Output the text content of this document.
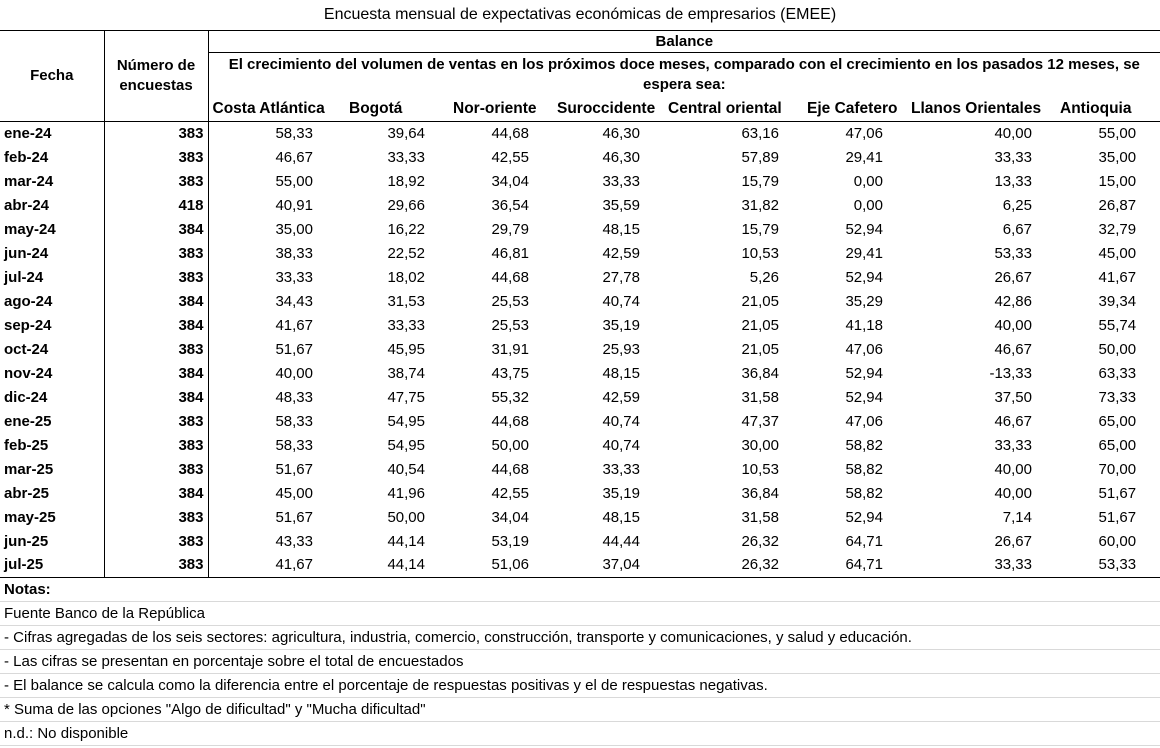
Encuesta mensual de expectativas económicas de empresarios (EMEE)									
Fecha	Número de encuestas	Balance							
		El crecimiento del volumen de ventas en los próximos doce meses, comparado con el crecimiento en los pasados 12 meses, se espera sea:							
		Costa Atlántica	Bogotá	Nor-oriente	Suroccidente	Central oriental	Eje Cafetero	Llanos Orientales	Antioquia
ene-24	383	58,33	39,64	44,68	46,30	63,16	47,06	40,00	55,00
feb-24	383	46,67	33,33	42,55	46,30	57,89	29,41	33,33	35,00
mar-24	383	55,00	18,92	34,04	33,33	15,79	0,00	13,33	15,00
abr-24	418	40,91	29,66	36,54	35,59	31,82	0,00	6,25	26,87
may-24	384	35,00	16,22	29,79	48,15	15,79	52,94	6,67	32,79
jun-24	383	38,33	22,52	46,81	42,59	10,53	29,41	53,33	45,00
jul-24	383	33,33	18,02	44,68	27,78	5,26	52,94	26,67	41,67
ago-24	384	34,43	31,53	25,53	40,74	21,05	35,29	42,86	39,34
sep-24	384	41,67	33,33	25,53	35,19	21,05	41,18	40,00	55,74
oct-24	383	51,67	45,95	31,91	25,93	21,05	47,06	46,67	50,00
nov-24	384	40,00	38,74	43,75	48,15	36,84	52,94	-13,33	63,33
dic-24	384	48,33	47,75	55,32	42,59	31,58	52,94	37,50	73,33
ene-25	383	58,33	54,95	44,68	40,74	47,37	47,06	46,67	65,00
feb-25	383	58,33	54,95	50,00	40,74	30,00	58,82	33,33	65,00
mar-25	383	51,67	40,54	44,68	33,33	10,53	58,82	40,00	70,00
abr-25	384	45,00	41,96	42,55	35,19	36,84	58,82	40,00	51,67
may-25	383	51,67	50,00	34,04	48,15	31,58	52,94	7,14	51,67
jun-25	383	43,33	44,14	53,19	44,44	26,32	64,71	26,67	60,00
jul-25	383	41,67	44,14	51,06	37,04	26,32	64,71	33,33	53,33
Notas:									
Fuente Banco de la República									
- Cifras agregadas de los seis sectores: agricultura, industria, comercio, construcción, transporte y comunicaciones, y salud y educación.									
- Las cifras se presentan en porcentaje sobre el total de encuestados									
- El balance se calcula como la diferencia entre el porcentaje de respuestas positivas y el de respuestas negativas.									
* Suma de las opciones "Algo de dificultad" y "Mucha dificultad"									
n.d.: No disponible									
